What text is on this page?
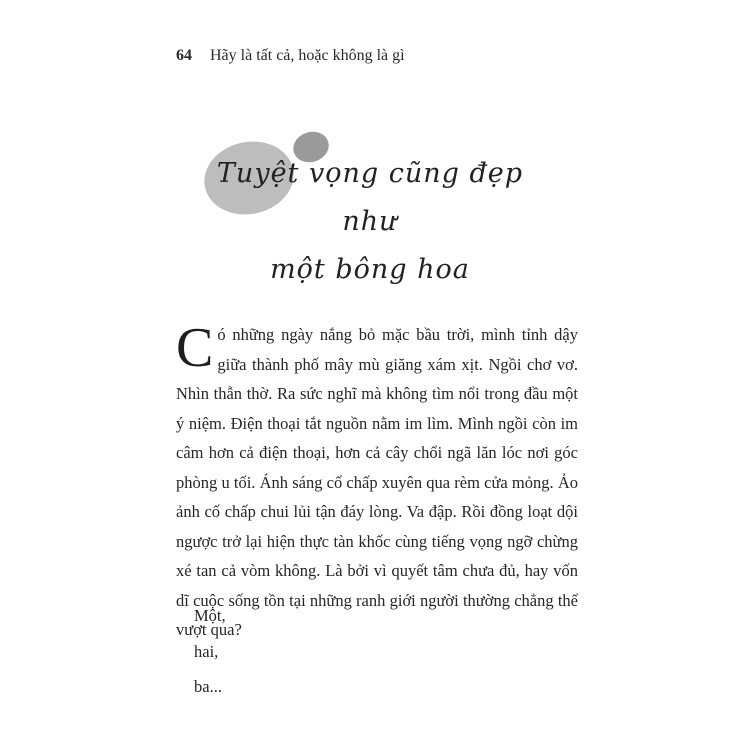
64 Hãy là tất cả, hoặc không là gì
Tuyệt vọng cũng đẹp như
một bông hoa
Có những ngày nắng bỏ mặc bầu trời, mình tỉnh dậy giữa thành phố mây mù giăng xám xịt. Ngồi chơ vơ. Nhìn thẫn thờ. Ra sức nghĩ mà không tìm nổi trong đầu một ý niệm. Điện thoại tắt nguồn nằm im lìm. Mình ngồi còn im câm hơn cả điện thoại, hơn cả cây chổi ngã lăn lóc nơi góc phòng u tối. Ánh sáng cố chấp xuyên qua rèm cửa mỏng. Ảo ảnh cố chấp chui lủi tận đáy lòng. Va đập. Rồi đồng loạt dội ngược trở lại hiện thực tàn khốc cùng tiếng vọng ngỡ chừng xé tan cả vòm không. Là bởi vì quyết tâm chưa đủ, hay vốn dĩ cuộc sống tồn tại những ranh giới người thường chẳng thể vượt qua?
Một,
hai,
ba...
